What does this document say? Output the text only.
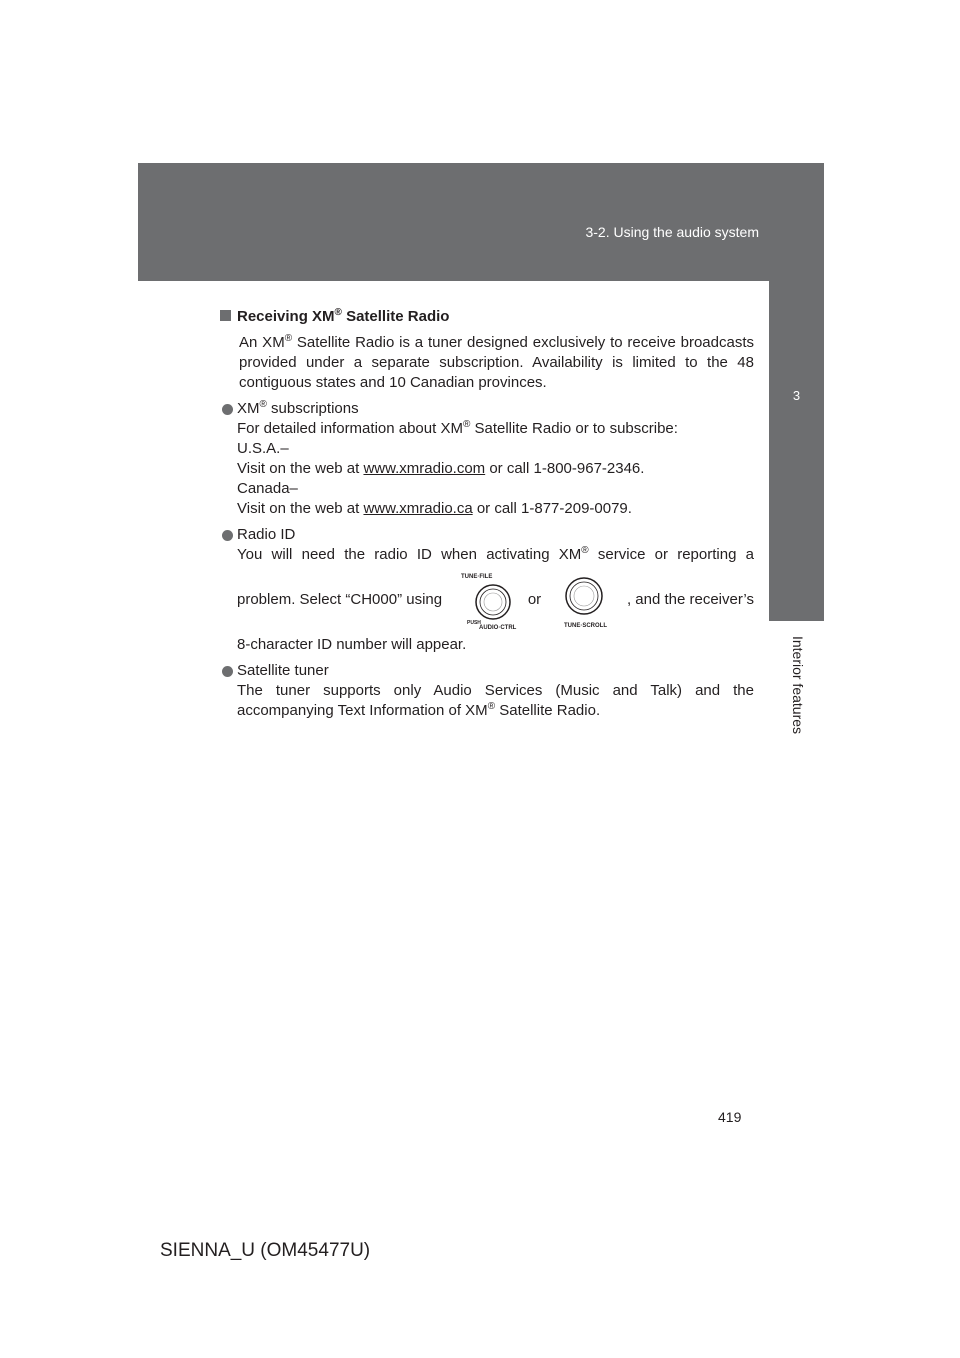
3-2. Using the audio system
3
Interior features
Receiving XM® Satellite Radio
An XM® Satellite Radio is a tuner designed exclusively to receive broadcasts provided under a separate subscription. Availability is limited to the 48 contiguous states and 10 Canadian provinces.
XM® subscriptions
For detailed information about XM® Satellite Radio or to subscribe:
U.S.A.–
Visit on the web at www.xmradio.com or call 1-800-967-2346.
Canada–
Visit on the web at www.xmradio.ca or call 1-877-209-0079.
Radio ID
You will need the radio ID when activating XM® service or reporting a
problem. Select “CH000” using
TUNE·FILE
PUSH
AUDIO·CTRL
or
TUNE·SCROLL
, and the receiver’s
8-character ID number will appear.
Satellite tuner
The tuner supports only Audio Services (Music and Talk) and the accompanying Text Information of XM® Satellite Radio.
419
SIENNA_U (OM45477U)
